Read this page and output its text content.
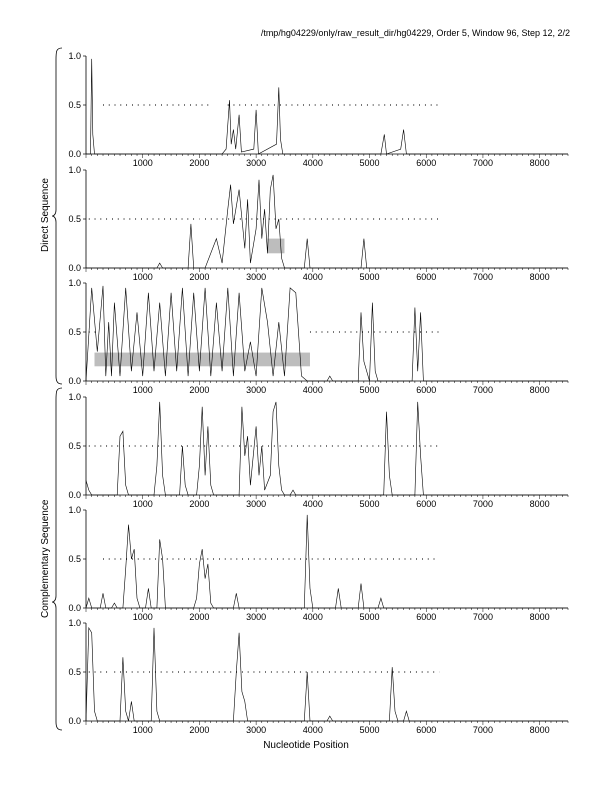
/tmp/hg04229/only/raw_result_dir/hg04229, Order 5, Window 96, Step 12, 2/2
0.0
0.5
1.0
1000	2000	3000	4000	5000	6000	7000	8000
0.0
0.5
1.0
1000	2000	3000	4000	5000	6000	7000	8000
0.0
0.5
1.0
1000	2000	3000	4000	5000	6000	7000	8000
0.0
0.5
1.0
1000	2000	3000	4000	5000	6000	7000	8000
0.0
0.5
1.0
1000	2000	3000	4000	5000	6000	7000	8000
0.0
0.5
1.0
1000	2000	3000	4000	5000	6000	7000	8000
Direct Sequence
Complementary Sequence
Nucleotide Position
